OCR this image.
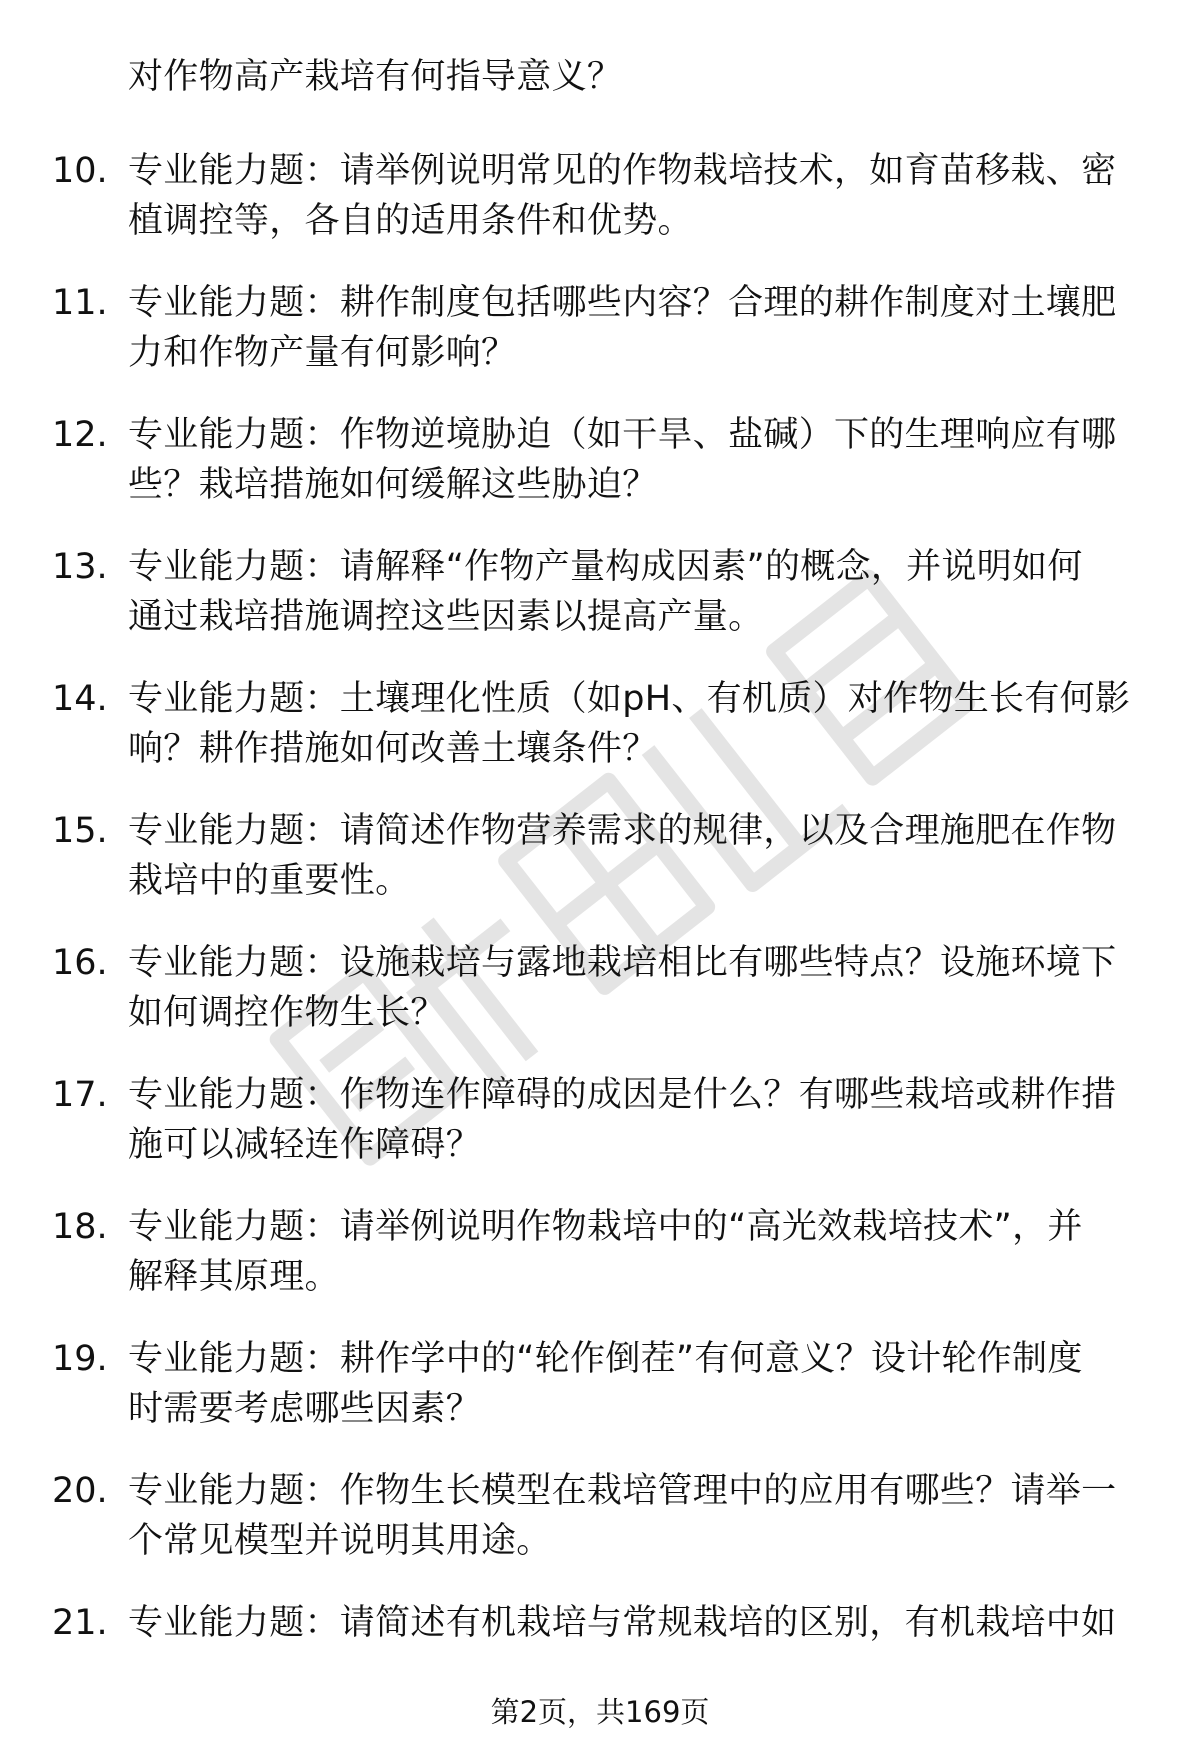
对作物高产栽培有何指导意义？
10. 专业能力题：请举例说明常见的作物栽培技术，如育苗移栽、密
植调控等，各自的适用条件和优势。
11. 专业能力题：耕作制度包括哪些内容？合理的耕作制度对土壤肥
力和作物产量有何影响？
12. 专业能力题：作物逆境胁迫（如干旱、盐碱）下的生理响应有哪
些？栽培措施如何缓解这些胁迫？
13. 专业能力题：请解释“作物产量构成因素”的概念，并说明如何
通过栽培措施调控这些因素以提高产量。
14. 专业能力题：土壤理化性质（如pH、有机质）对作物生长有何影
响？耕作措施如何改善土壤条件？
15. 专业能力题：请简述作物营养需求的规律，以及合理施肥在作物
栽培中的重要性。
16. 专业能力题：设施栽培与露地栽培相比有哪些特点？设施环境下
如何调控作物生长？
17. 专业能力题：作物连作障碍的成因是什么？有哪些栽培或耕作措
施可以减轻连作障碍？
18. 专业能力题：请举例说明作物栽培中的“高光效栽培技术”，并
解释其原理。
19. 专业能力题：耕作学中的“轮作倒茬”有何意义？设计轮作制度
时需要考虑哪些因素？
20. 专业能力题：作物生长模型在栽培管理中的应用有哪些？请举一
个常见模型并说明其用途。
21. 专业能力题：请简述有机栽培与常规栽培的区别，有机栽培中如
第2页，共169页
